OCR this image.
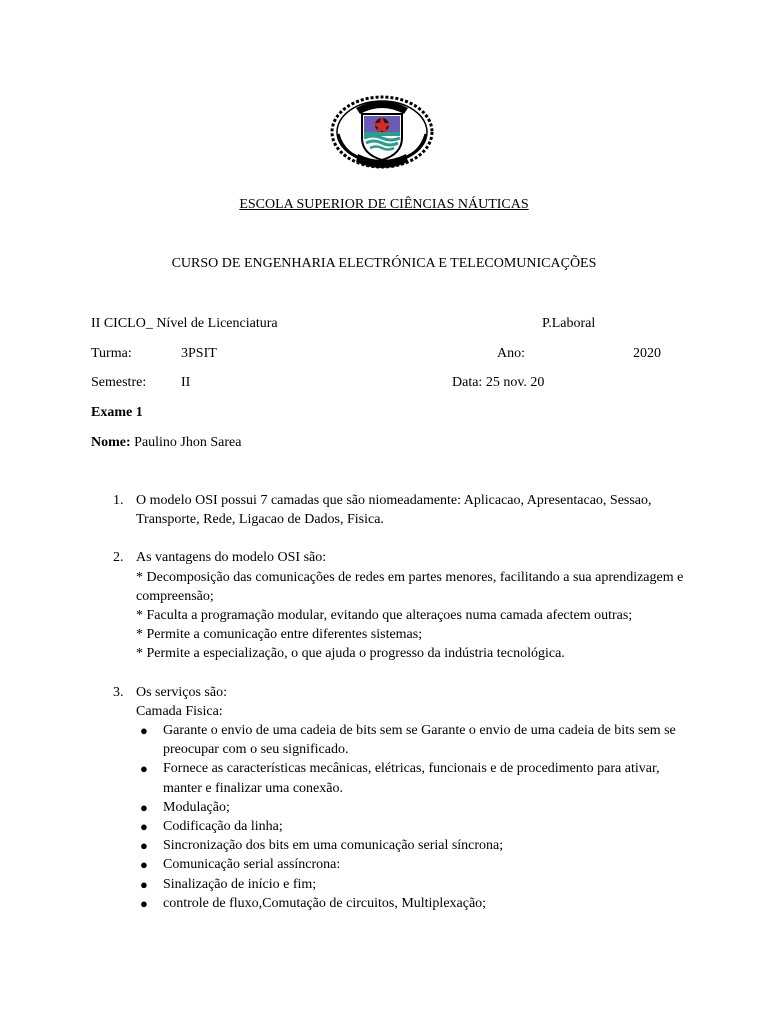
ESCOLA SUPERIOR DE CIÊNCIAS NÁUTICAS
CURSO DE ENGENHARIA ELECTRÓNICA E TELECOMUNICAÇÕES
II CICLO_ Nível de Licenciatura	P.Laboral
Turma:	3PSIT	Ano:	2020
Semestre: II	Data: 25 nov. 20
Exame 1
Nome: Paulino Jhon Sarea
1. O modelo OSI possui 7 camadas que são niomeadamente: Aplicacao, Apresentacao, Sessao, Transporte, Rede, Ligacao de Dados, Fisica.
2. As vantagens do modelo OSI são:
* Decomposição das comunicações de redes em partes menores, facilitando a sua aprendizagem e compreensão;
* Faculta a programação modular, evitando que alteraçoes numa camada afectem outras;
* Permite a comunicação entre diferentes sistemas;
* Permite a especialização, o que ajuda o progresso da indústria tecnológica.
3. Os serviços são:
Camada Fisica:
● Garante o envio de uma cadeia de bits sem se Garante o envio de uma cadeia de bits sem se preocupar com o seu significado.
● Fornece as características mecânicas, elétricas, funcionais e de procedimento para ativar, manter e finalizar uma conexão.
● Modulação;
● Codificação da linha;
● Sincronização dos bits em uma comunicação serial síncrona;
● Comunicação serial assíncrona:
● Sinalização de início e fim;
● controle de fluxo,Comutação de circuitos, Multiplexação;
